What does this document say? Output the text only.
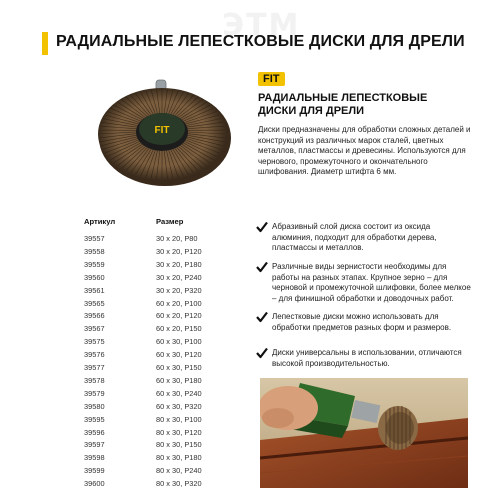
ЭТМ
РАДИАЛЬНЫЕ ЛЕПЕСТКОВЫЕ ДИСКИ ДЛЯ ДРЕЛИ
FIT
FIT
РАДИАЛЬНЫЕ ЛЕПЕСТКОВЫЕ
ДИСКИ ДЛЯ ДРЕЛИ
Диски предназначены для обработки сложных деталей и конструкций из различных марок сталей, цветных металлов, пластмассы и древесины. Используются для чернового, промежуточного и окончательного шлифования. Диаметр штифта 6 мм.
Артикул	Размер
39557	30 x 20, P80
39558	30 x 20, P120
39559	30 x 20, P180
39560	30 x 20, P240
39561	30 x 20, P320
39565	60 x 20, P100
39566	60 x 20, P120
39567	60 x 20, P150
39575	60 x 30, P100
39576	60 x 30, P120
39577	60 x 30, P150
39578	60 x 30, P180
39579	60 x 30, P240
39580	60 x 30, P320
39595	80 x 30, P100
39596	80 x 30, P120
39597	80 x 30, P150
39598	80 x 30, P180
39599	80 x 30, P240
39600	80 x 30, P320
Абразивный слой диска состоит из оксида алюминия, подходит для обработки дерева, пластмассы и металлов.
Различные виды зернистости необходимы для работы на разных этапах. Крупное зерно – для черновой и промежуточной шлифовки, более мелкое – для финишной обработки и доводочных работ.
Лепестковые диски можно использовать для обработки предметов разных форм и размеров.
Диски универсальны в использовании, отличаются высокой производительностью.
